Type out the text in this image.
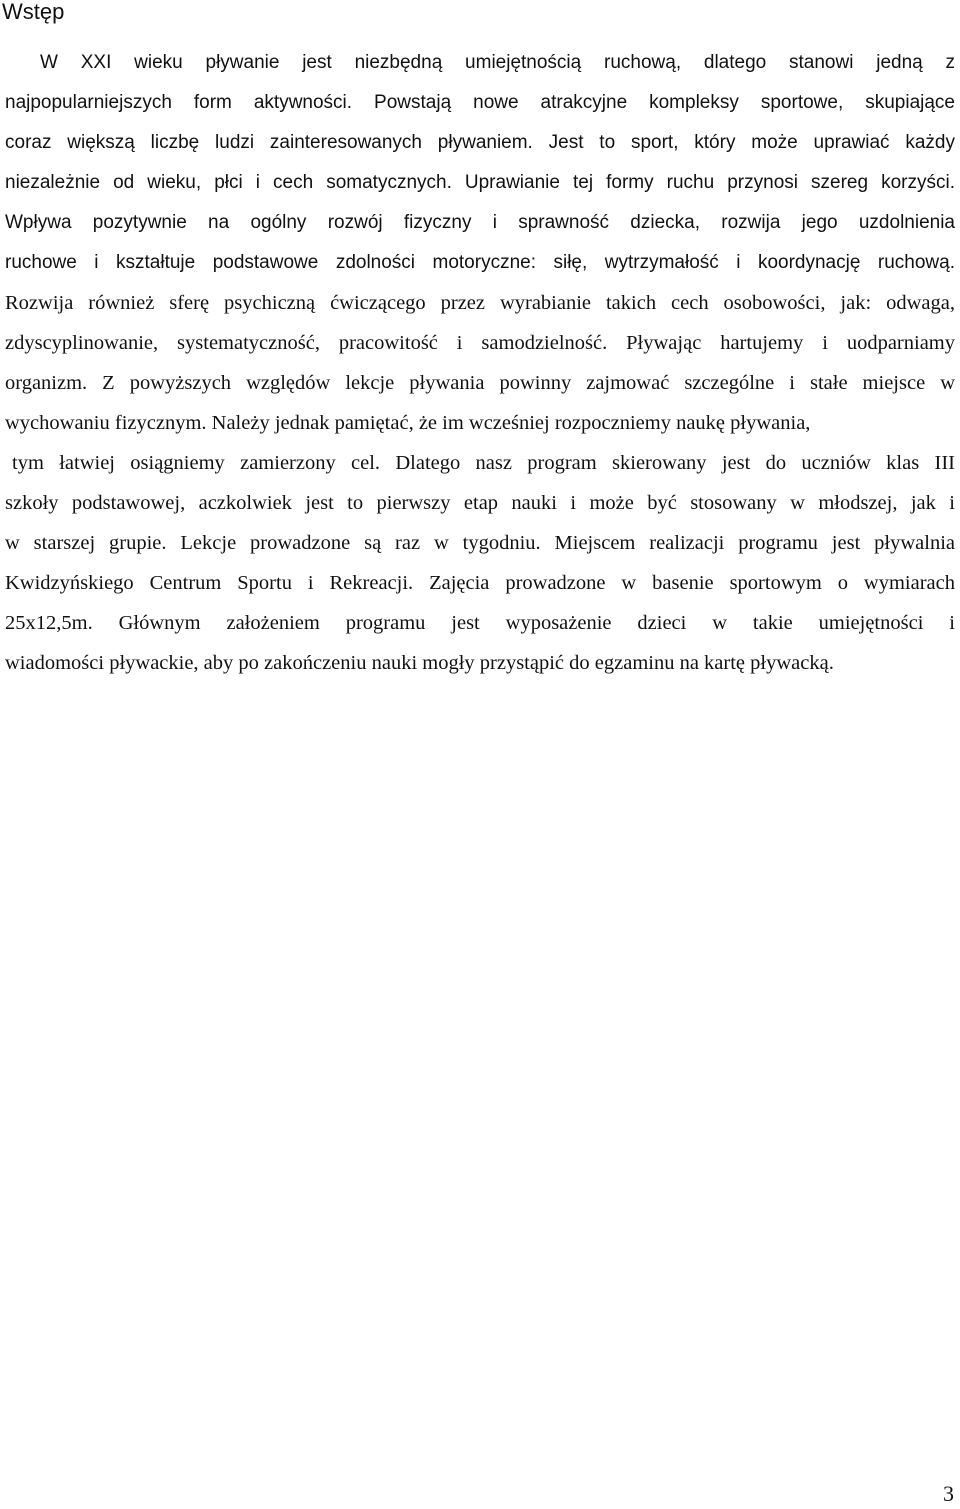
Wstęp

W XXI wieku pływanie jest niezbędną umiejętnością ruchową, dlatego stanowi jedną z

najpopularniejszych form aktywności. Powstają nowe atrakcyjne kompleksy sportowe, skupiające

coraz większą liczbę ludzi zainteresowanych pływaniem. Jest to sport, który może uprawiać każdy

niezależnie od wieku, płci i cech somatycznych. Uprawianie tej formy ruchu przynosi szereg korzyści.

Wpływa pozytywnie na ogólny rozwój fizyczny i sprawność dziecka, rozwija jego uzdolnienia

ruchowe i kształtuje podstawowe zdolności motoryczne: siłę, wytrzymałość i koordynację ruchową.

Rozwija również sferę psychiczną ćwiczącego przez wyrabianie takich cech osobowości, jak: odwaga,

zdyscyplinowanie, systematyczność, pracowitość i samodzielność. Pływając hartujemy i uodparniamy

organizm. Z powyższych względów lekcje pływania powinny zajmować szczególne i stałe miejsce w

wychowaniu fizycznym. Należy jednak pamiętać, że im wcześniej rozpoczniemy naukę pływania,

tym łatwiej osiągniemy zamierzony cel. Dlatego nasz program skierowany jest do uczniów klas III

szkoły podstawowej, aczkolwiek jest to pierwszy etap nauki i może być stosowany w młodszej, jak i

w starszej grupie. Lekcje prowadzone są raz w tygodniu. Miejscem realizacji programu jest pływalnia

Kwidzyńskiego Centrum Sportu i Rekreacji. Zajęcia prowadzone w basenie sportowym o wymiarach

25x12,5m. Głównym założeniem programu jest wyposażenie dzieci w takie umiejętności i

wiadomości pływackie, aby po zakończeniu nauki mogły przystąpić do egzaminu na kartę pływacką.

3
